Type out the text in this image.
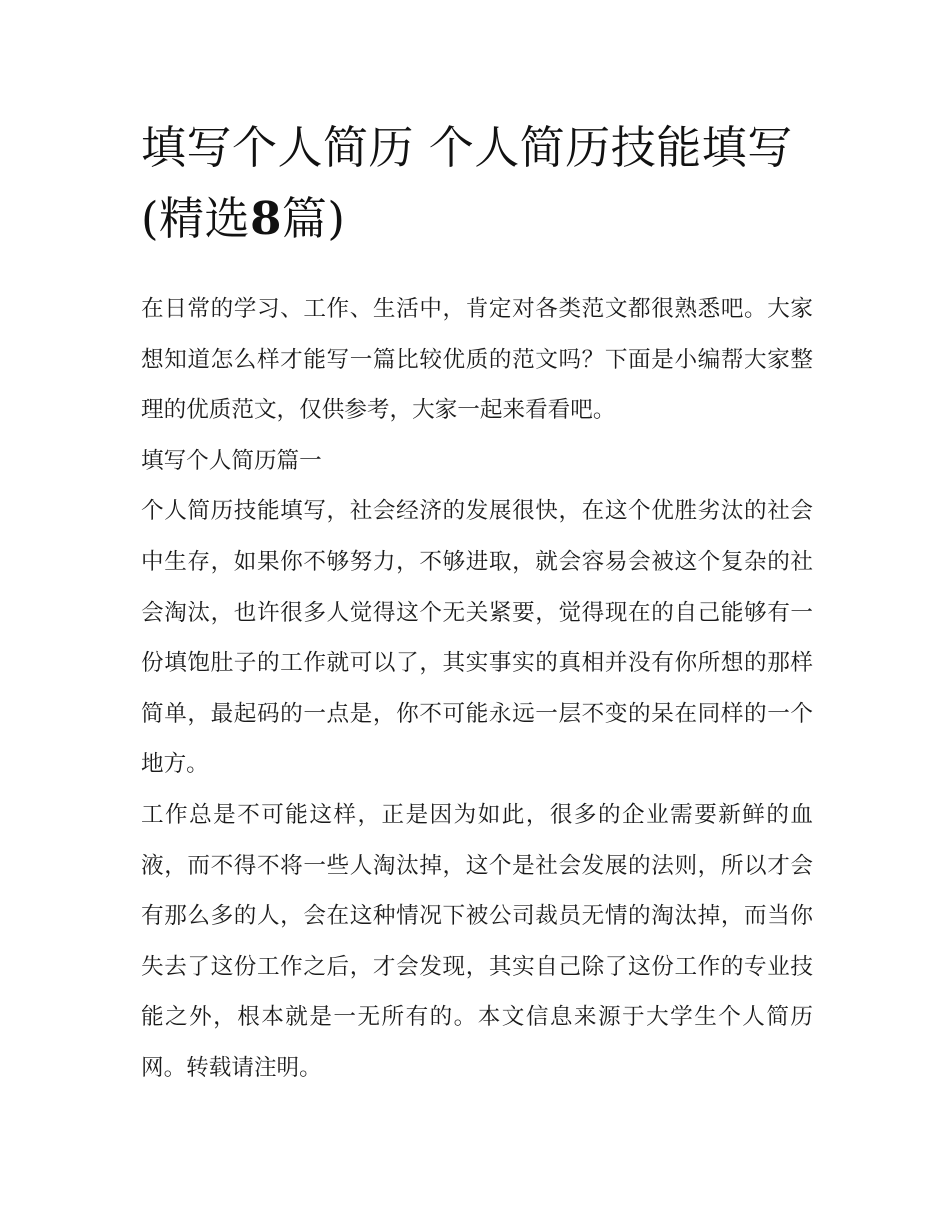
填写个人简历 个人简历技能填写(精选8篇)

在日常的学习、工作、生活中，肯定对各类范文都很熟悉吧。大家想知道怎么样才能写一篇比较优质的范文吗？下面是小编帮大家整理的优质范文，仅供参考，大家一起来看看吧。

填写个人简历篇一

个人简历技能填写，社会经济的发展很快，在这个优胜劣汰的社会中生存，如果你不够努力，不够进取，就会容易会被这个复杂的社会淘汰，也许很多人觉得这个无关紧要，觉得现在的自己能够有一份填饱肚子的工作就可以了，其实事实的真相并没有你所想的那样简单，最起码的一点是，你不可能永远一层不变的呆在同样的一个地方。

工作总是不可能这样，正是因为如此，很多的企业需要新鲜的血液，而不得不将一些人淘汰掉，这个是社会发展的法则，所以才会有那么多的人，会在这种情况下被公司裁员无情的淘汰掉，而当你失去了这份工作之后，才会发现，其实自己除了这份工作的专业技能之外，根本就是一无所有的。本文信息来源于大学生个人简历网。转载请注明。
